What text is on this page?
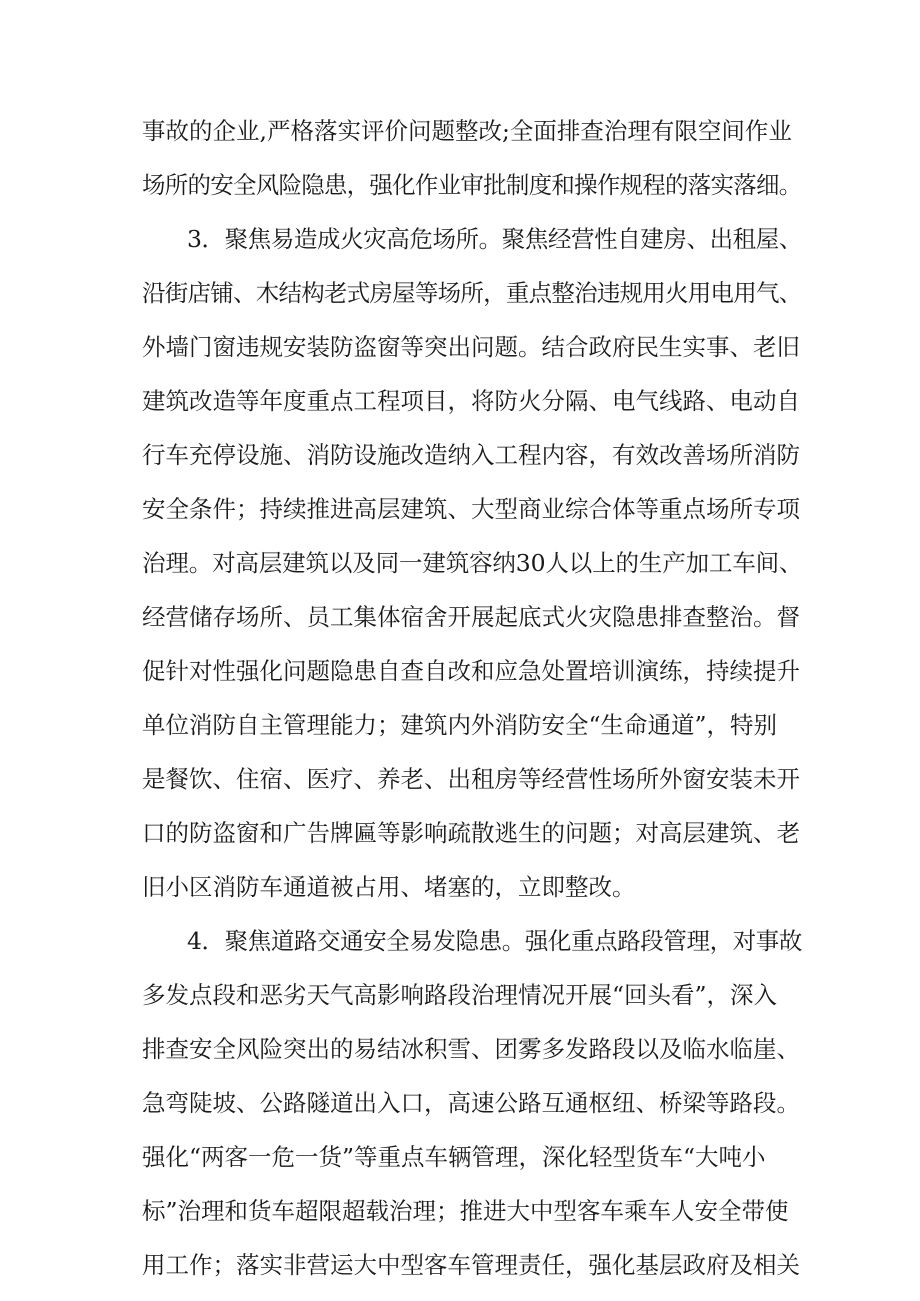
事故的企业,严格落实评价问题整改;全面排查治理有限空间作业
场所的安全风险隐患，强化作业审批制度和操作规程的落实落细。
3．聚焦易造成火灾高危场所。聚焦经营性自建房、出租屋、
沿街店铺、木结构老式房屋等场所，重点整治违规用火用电用气、
外墙门窗违规安装防盗窗等突出问题。结合政府民生实事、老旧
建筑改造等年度重点工程项目，将防火分隔、电气线路、电动自
行车充停设施、消防设施改造纳入工程内容，有效改善场所消防
安全条件；持续推进高层建筑、大型商业综合体等重点场所专项
治理。对高层建筑以及同一建筑容纳30人以上的生产加工车间、
经营储存场所、员工集体宿舍开展起底式火灾隐患排查整治。督
促针对性强化问题隐患自查自改和应急处置培训演练，持续提升
单位消防自主管理能力；建筑内外消防安全“生命通道”，特别
是餐饮、住宿、医疗、养老、出租房等经营性场所外窗安装未开
口的防盗窗和广告牌匾等影响疏散逃生的问题；对高层建筑、老
旧小区消防车通道被占用、堵塞的，立即整改。
4．聚焦道路交通安全易发隐患。强化重点路段管理，对事故
多发点段和恶劣天气高影响路段治理情况开展“回头看”，深入
排查安全风险突出的易结冰积雪、团雾多发路段以及临水临崖、
急弯陡坡、公路隧道出入口，高速公路互通枢纽、桥梁等路段。
强化“两客一危一货”等重点车辆管理，深化轻型货车“大吨小
标”治理和货车超限超载治理；推进大中型客车乘车人安全带使
用工作；落实非营运大中型客车管理责任，强化基层政府及相关
